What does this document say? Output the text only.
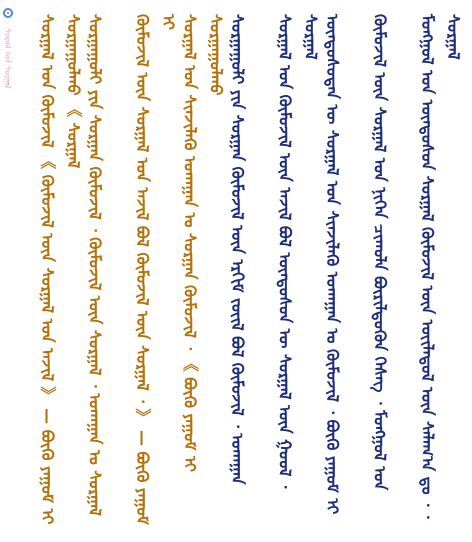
ᠰᠣᠶᠣᠯ ᠤᠨ ᠰᠤᠷᠭ᠋ᠠᠯ	ᠮᠣᠩᠭ᠋ᠣᠯ ᠤᠨ ᠦᠨᠳᠦᠰᠦᠨ ᠰᠤᠷᠭ᠋ᠠᠯ ᠬᠦᠮᠦᠵᠢᠯ ᠦᠨ ᠦᠢᠯᠡᠳᠦᠯ ᠦᠨ ᠰᠠᠯᠠᠭ᠎ᠠ ᠳᠤ ᠂ ᠂ ᠰᠤᠷᠭ᠋ᠠᠯ
ᠬᠦᠮᠦᠵᠢᠯ ᠦᠨ ᠰᠤᠷᠭ᠋ᠠᠯ ᠤᠨ ᠨᠢᠭᠡᠨ ᠴᠢᠬᠤᠯᠠ ᠪᠦᠷᠢᠯᠳᠦᠬᠦᠨ ᠬᠡᠰᠡᠭ ᠂ ᠮᠣᠩᠭ᠋ᠣᠯ ᠤᠨ
ᠦᠨᠳᠦᠰᠦᠲᠡᠨ ᠦ ᠰᠤᠷᠭ᠋ᠠᠯ ᠤᠨ ᠰᠢᠨᠵᠢᠯᠡᠬᠦ ᠤᠬᠠᠭᠠᠨ ᠤ ᠬᠦᠮᠦᠵᠢᠯ ᠂ ᠪᠦᠬᠦ ᠶᠠᠭᠤᠮ ᠢ
ᠰᠤᠷᠭ᠋ᠠᠯ ᠤᠨ ᠬᠦᠮᠦᠵᠢᠯ ᠦᠨ ᠠᠵᠢᠯ ᠪᠣᠯ ᠦᠨᠳᠦᠰᠦᠨ ᠦ ᠰᠤᠷᠭ᠋ᠠᠯ ᠦᠨ ᠭᠣᠣᠯ ᠂ ᠰᠤᠷᠭ᠋ᠠᠯ
ᠰᠤᠷᠭ᠋ᠠᠭᠤᠯᠢ ᠶᠢᠨ ᠰᠤᠷᠭ᠋ᠠᠨ ᠬᠦᠮᠦᠵᠢᠯ ᠦᠨ ᠡᠷᠬᠢᠮ ᠵᠦᠢᠯ ᠪᠣᠯ ᠬᠦᠮᠦᠵᠢᠯ ᠂ ᠤᠬᠠᠭᠠᠨ
ᠰᠤᠷᠭ᠋ᠠᠯ ᠤᠨ ᠰᠢᠨᠵᠢᠯᠡᠬᠦ ᠤᠬᠠᠭᠠᠨ ᠤ ᠰᠤᠷᠭ᠋ᠠᠨ ᠬᠦᠮᠦᠵᠢᠯ ᠂ 《 ᠪᠦᠬᠦ ᠶᠠᠭᠤᠮ ᠢ ᠰᠤᠷᠭ᠋ᠠᠭᠤᠯᠬᠤ
ᠬᠦᠮᠦᠵᠢᠯ ᠦᠨ ᠰᠤᠷᠭ᠋ᠠᠯ ᠤᠨ ᠠᠵᠢᠯ ᠪᠣᠯ ᠬᠦᠮᠦᠵᠢᠯ ᠦᠨ ᠰᠤᠷᠭ᠋ᠠᠯ ᠂ 》 — ᠪᠦᠬᠦ ᠶᠠᠭᠤᠮ ᠢ
ᠰᠤᠷᠭ᠋ᠠᠭᠤᠯᠢ ᠶᠢᠨ ᠰᠤᠷᠭ᠋ᠠᠨ ᠬᠦᠮᠦᠵᠢᠯ ᠂ ᠬᠦᠮᠦᠵᠢᠯ ᠦᠨ ᠰᠤᠷᠭ᠋ᠠᠯ ᠂ ᠤᠬᠠᠭᠠᠨ ᠤ ᠰᠤᠷᠭ᠋ᠠᠯ
ᠰᠤᠷᠭ᠋ᠠᠯ ᠤᠨ ᠬᠦᠮᠦᠵᠢᠯ 《 ᠬᠦᠮᠦᠵᠢᠯ ᠦᠨ ᠰᠤᠷᠭ᠋ᠠᠯ ᠤᠨ ᠠᠵᠢᠯ 》 — ᠪᠦᠬᠦ ᠶᠠᠭᠤᠮ ᠢ ᠰᠤᠷᠭ᠋ᠠᠭᠤᠯᠬᠤ 《 ᠰᠤᠷᠭ᠋ᠠᠯ
